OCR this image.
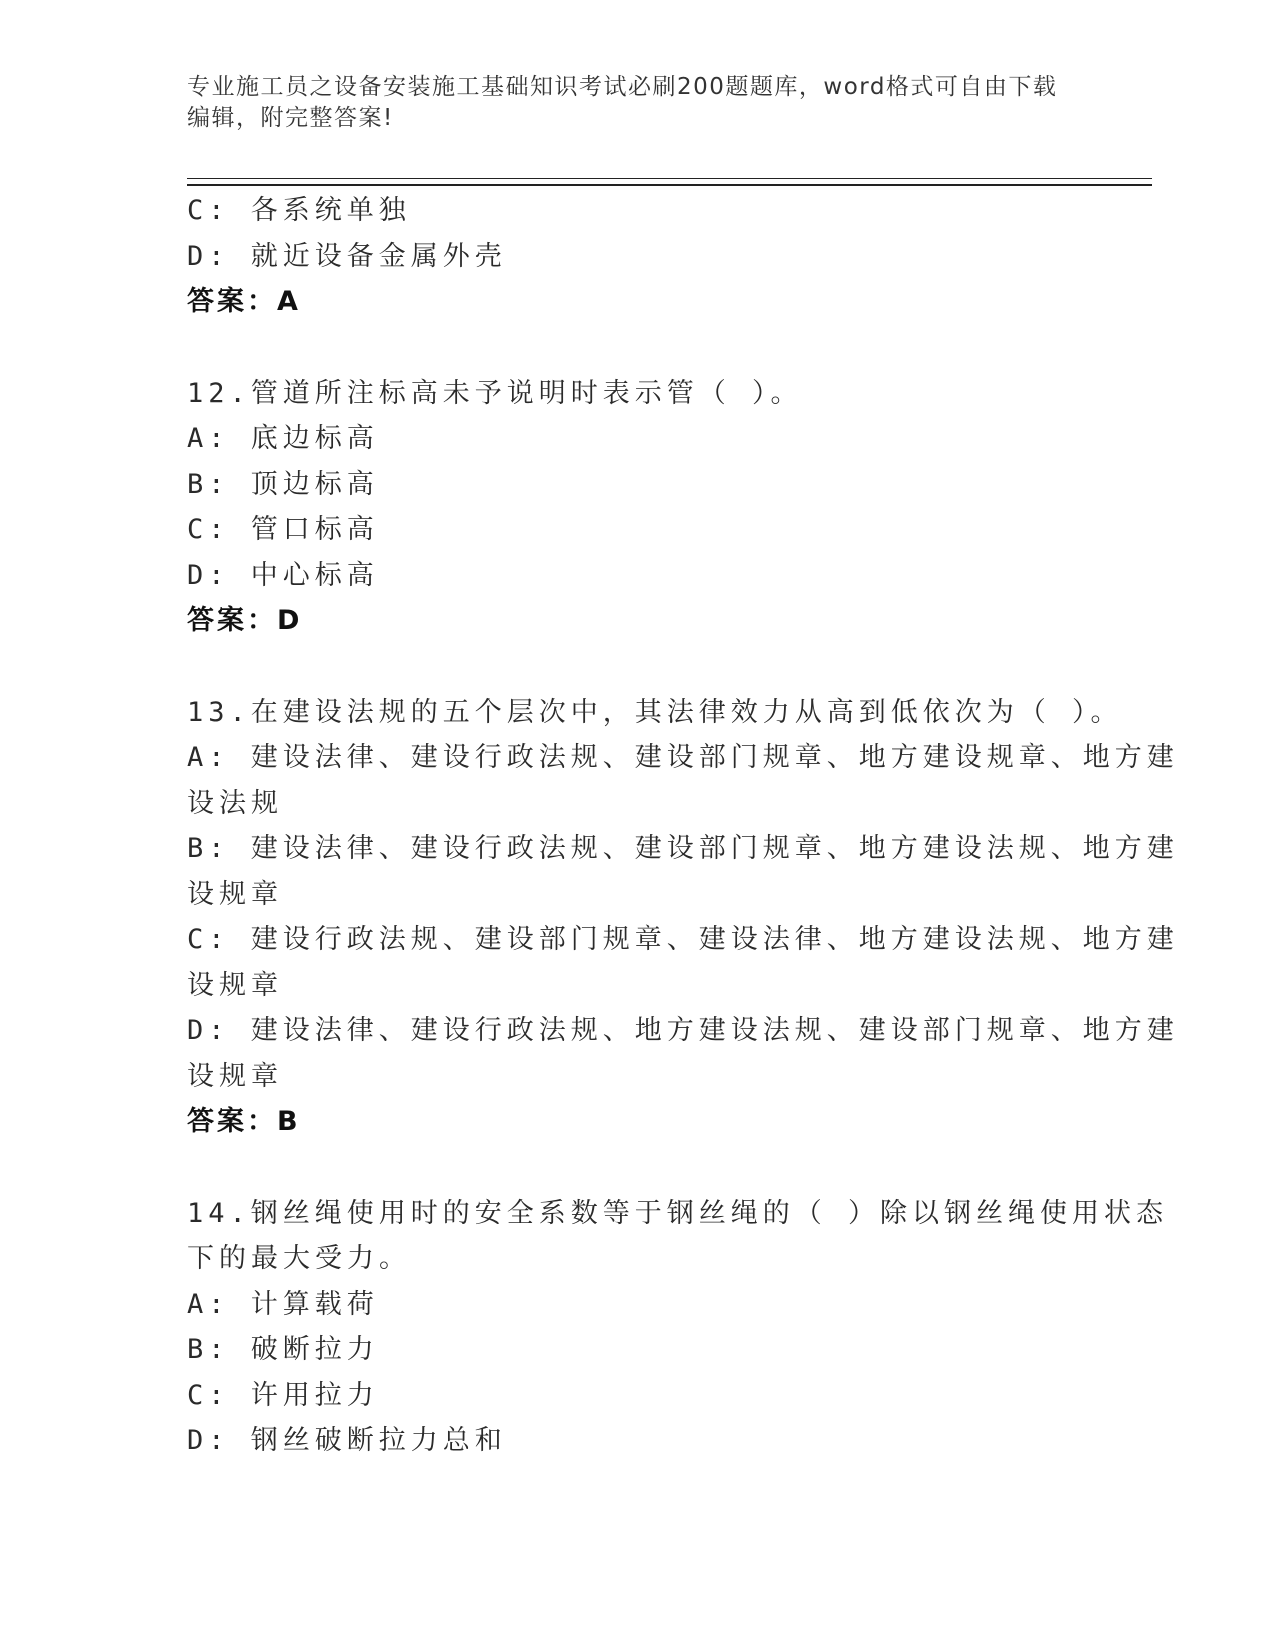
专业施工员之设备安装施工基础知识考试必刷200题题库，word格式可自由下载
编辑，附完整答案!
C: 各系统单独
D: 就近设备金属外壳
答案：A
12.管道所注标高未予说明时表示管（ ）。
A: 底边标高
B: 顶边标高
C: 管口标高
D: 中心标高
答案：D
13.在建设法规的五个层次中，其法律效力从高到低依次为（ ）。
A: 建设法律、建设行政法规、建设部门规章、地方建设规章、地方建
设法规
B: 建设法律、建设行政法规、建设部门规章、地方建设法规、地方建
设规章
C: 建设行政法规、建设部门规章、建设法律、地方建设法规、地方建
设规章
D: 建设法律、建设行政法规、地方建设法规、建设部门规章、地方建
设规章
答案：B
14.钢丝绳使用时的安全系数等于钢丝绳的（ ）除以钢丝绳使用状态
下的最大受力。
A: 计算载荷
B: 破断拉力
C: 许用拉力
D: 钢丝破断拉力总和
